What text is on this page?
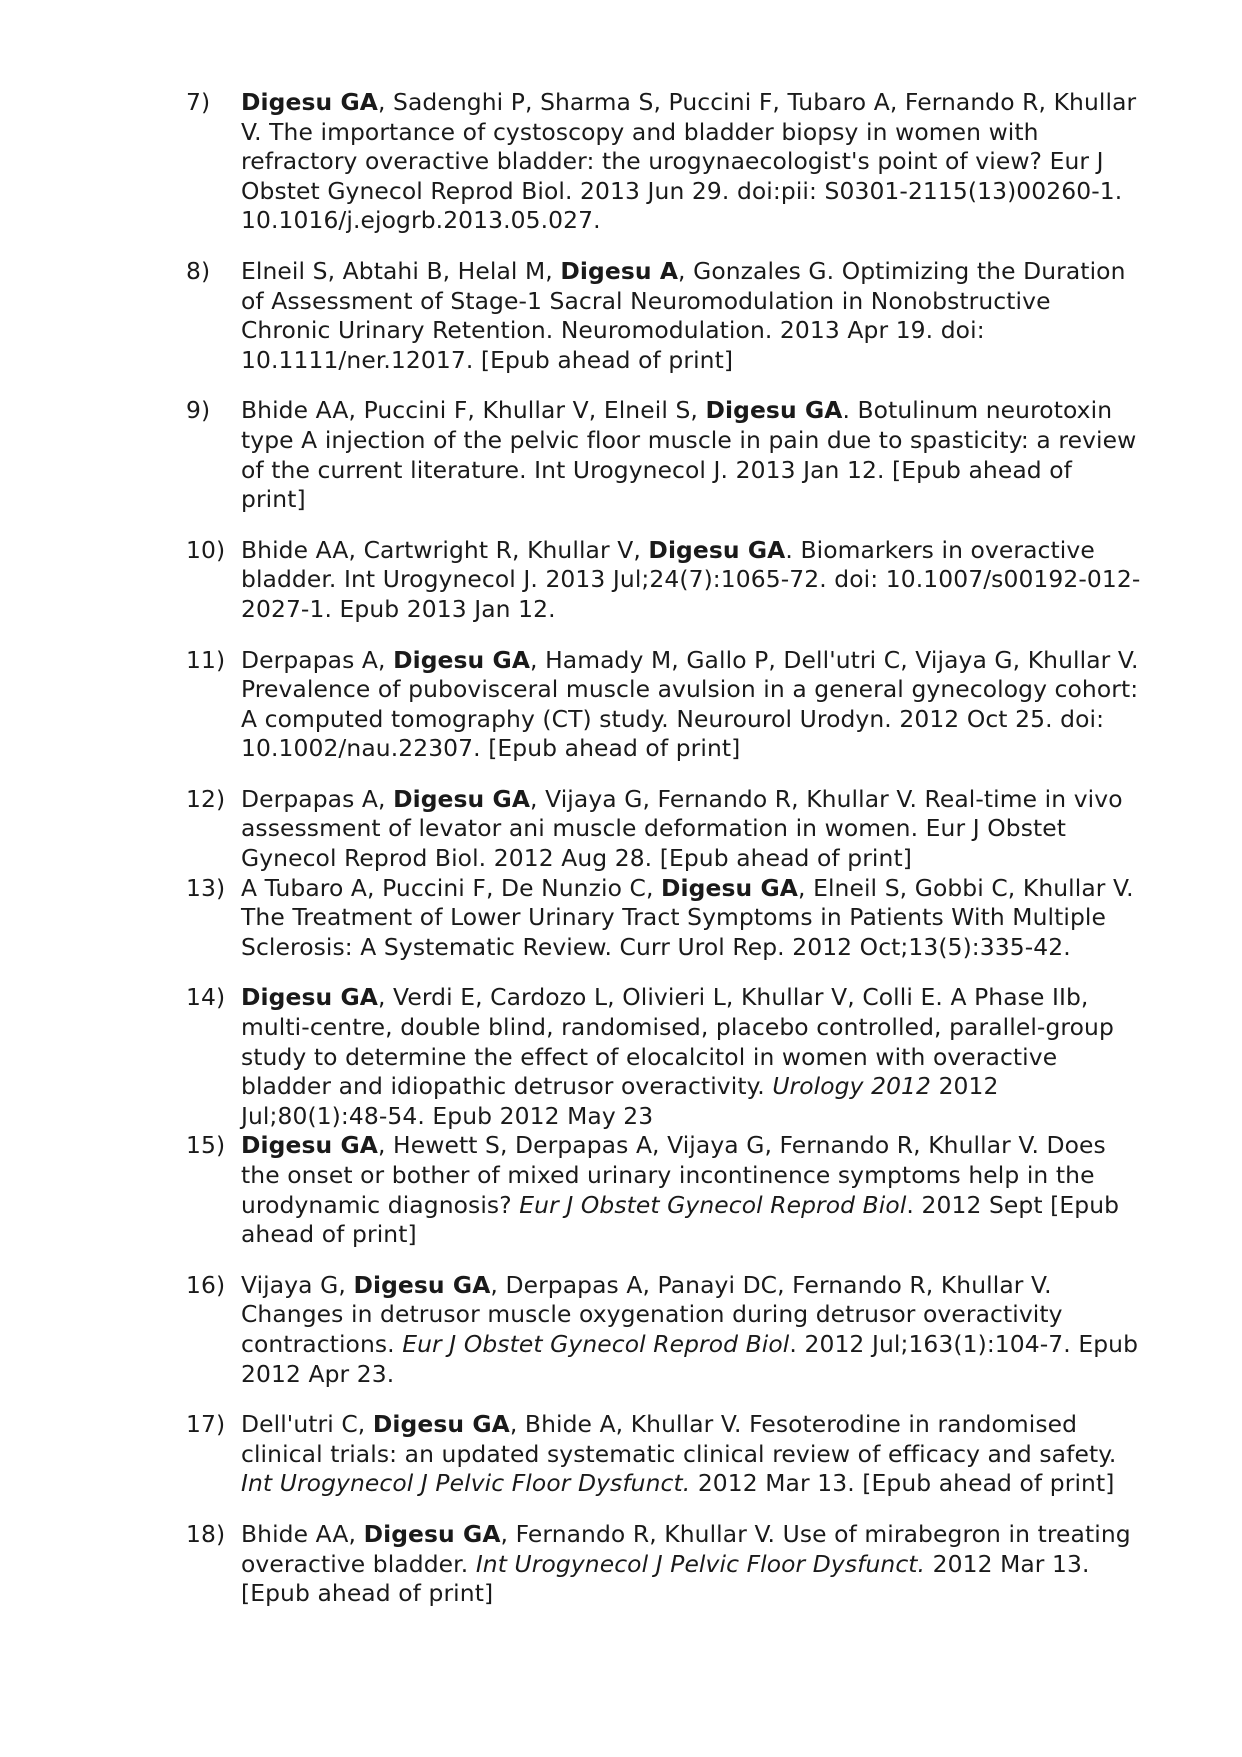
7) Digesu GA, Sadenghi P, Sharma S, Puccini F, Tubaro A, Fernando R, Khullar V. The importance of cystoscopy and bladder biopsy in women with refractory overactive bladder: the urogynaecologist's point of view? Eur J Obstet Gynecol Reprod Biol. 2013 Jun 29. doi:pii: S0301-2115(13)00260-1. 10.1016/j.ejogrb.2013.05.027.
8) Elneil S, Abtahi B, Helal M, Digesu A, Gonzales G. Optimizing the Duration of Assessment of Stage-1 Sacral Neuromodulation in Nonobstructive Chronic Urinary Retention. Neuromodulation. 2013 Apr 19. doi: 10.1111/ner.12017. [Epub ahead of print]
9) Bhide AA, Puccini F, Khullar V, Elneil S, Digesu GA. Botulinum neurotoxin type A injection of the pelvic floor muscle in pain due to spasticity: a review of the current literature. Int Urogynecol J. 2013 Jan 12. [Epub ahead of print]
10) Bhide AA, Cartwright R, Khullar V, Digesu GA. Biomarkers in overactive bladder. Int Urogynecol J. 2013 Jul;24(7):1065-72. doi: 10.1007/s00192-012-2027-1. Epub 2013 Jan 12.
11) Derpapas A, Digesu GA, Hamady M, Gallo P, Dell'utri C, Vijaya G, Khullar V. Prevalence of pubovisceral muscle avulsion in a general gynecology cohort: A computed tomography (CT) study. Neurourol Urodyn. 2012 Oct 25. doi: 10.1002/nau.22307. [Epub ahead of print]
12) Derpapas A, Digesu GA, Vijaya G, Fernando R, Khullar V. Real-time in vivo assessment of levator ani muscle deformation in women. Eur J Obstet Gynecol Reprod Biol. 2012 Aug 28. [Epub ahead of print]
13) A Tubaro A, Puccini F, De Nunzio C, Digesu GA, Elneil S, Gobbi C, Khullar V. The Treatment of Lower Urinary Tract Symptoms in Patients With Multiple Sclerosis: A Systematic Review. Curr Urol Rep. 2012 Oct;13(5):335-42.
14) Digesu GA, Verdi E, Cardozo L, Olivieri L, Khullar V, Colli E. A Phase IIb, multi-centre, double blind, randomised, placebo controlled, parallel-group study to determine the effect of elocalcitol in women with overactive bladder and idiopathic detrusor overactivity. Urology 2012 2012 Jul;80(1):48-54. Epub 2012 May 23
15) Digesu GA, Hewett S, Derpapas A, Vijaya G, Fernando R, Khullar V. Does the onset or bother of mixed urinary incontinence symptoms help in the urodynamic diagnosis? Eur J Obstet Gynecol Reprod Biol. 2012 Sept [Epub ahead of print]
16) Vijaya G, Digesu GA, Derpapas A, Panayi DC, Fernando R, Khullar V. Changes in detrusor muscle oxygenation during detrusor overactivity contractions. Eur J Obstet Gynecol Reprod Biol. 2012 Jul;163(1):104-7. Epub 2012 Apr 23.
17) Dell'utri C, Digesu GA, Bhide A, Khullar V. Fesoterodine in randomised clinical trials: an updated systematic clinical review of efficacy and safety. Int Urogynecol J Pelvic Floor Dysfunct. 2012 Mar 13. [Epub ahead of print]
18) Bhide AA, Digesu GA, Fernando R, Khullar V. Use of mirabegron in treating overactive bladder. Int Urogynecol J Pelvic Floor Dysfunct. 2012 Mar 13. [Epub ahead of print]
